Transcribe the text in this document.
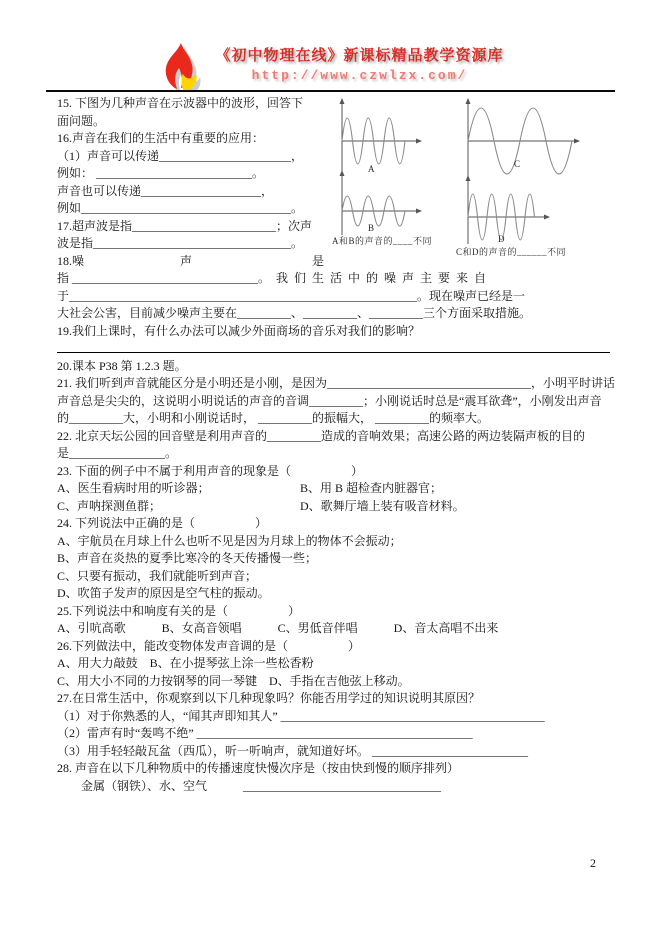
《初中物理在线》新课标精品教学资源库
http://www.czwlzx.com/
15. 下图为几种声音在示波器中的波形，回答下
面问题。
16.声音在我们的生活中有重要的应用：
（1）声音可以传递______________________，
例如： __________________________。
声音也可以传递____________________，
例如___________________________________。
17.超声波是指________________________；次声
波是指_________________________________。
18.噪　　　　　　　　声　　　　　　　　　　是
指 _______________________________。  我  们  生  活  中  的  噪  声  主  要  来  自
于__________________________________________________________。现在噪声已经是一
大社会公害，目前减少噪声主要在_________、_________、_________三个方面采取措施。
19.我们上课时，有什么办法可以减少外面商场的音乐对我们的影响？
20.课本 P38 第 1.2.3 题。
21. 我们听到声音就能区分是小明还是小刚，是因为__________________________________，小明平时讲话
声音总是尖尖的，这说明小明说话的声音的音调_________；小刚说话时总是“震耳欲聋”，小刚发出声音
的_________大，小明和小刚说话时， _________的振幅大， _________的频率大。
22. 北京天坛公园的回音壁是利用声音的_________造成的音响效果；高速公路的两边装隔声板的目的
是________________。
23. 下面的例子中不属于利用声音的现象是（　　　　　）
A、医生看病时用的听诊器；	B、用 B 超检查内脏器官；
C、声呐探测鱼群；	D、歌舞厅墙上装有吸音材料。
24. 下列说法中正确的是（　　　　　）
A、宇航员在月球上什么也听不见是因为月球上的物体不会振动；
B、声音在炎热的夏季比寒冷的冬天传播慢一些；
C、只要有振动，我们就能听到声音；
D、吹笛子发声的原因是空气柱的振动。
25.下列说法中和响度有关的是（　　　　　）
A、引吭高歌　　　B、女高音领唱　　　C、男低音伴唱　　　D、音太高唱不出来
26.下列做法中，能改变物体发声音调的是（　　　　　）
A、用大力敲鼓　B、在小提琴弦上涂一些松香粉
C、用大小不同的力按钢琴的同一琴键　D、手指在吉他弦上移动。
27.在日常生活中，你观察到以下几种现象吗？你能否用学过的知识说明其原因？
（1）对于你熟悉的人，“闻其声即知其人” ____________________________________________
（2）雷声有时“轰鸣不绝” ______________________________________________
（3）用手轻轻敲瓦盆（西瓜），听一听响声，就知道好坏。 __________________________
28. 声音在以下几种物质中的传播速度快慢次序是（按由快到慢的顺序排列）
　　金属（钢铁）、水、空气　　　_________________________________
A
B
C
D
A和B的声音的____不同
C和D的声音的______不同
2
